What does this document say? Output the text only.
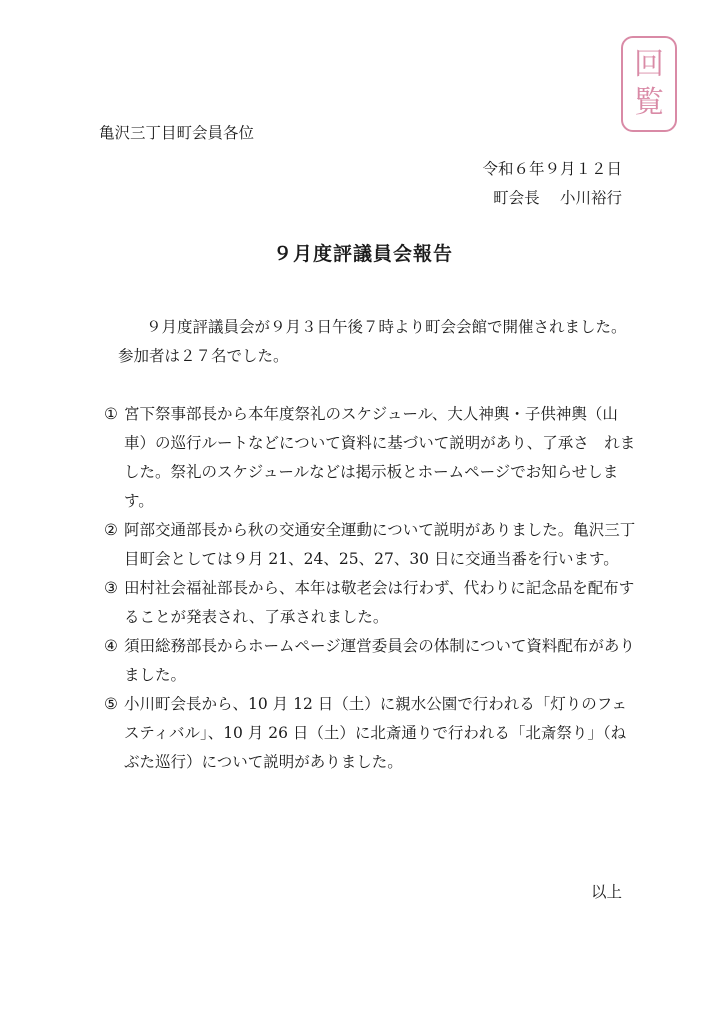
回
覧
亀沢三丁目町会員各位
令和６年９月１２日
町会長　 小川裕行
９月度評議員会報告
９月度評議員会が９月３日午後７時より町会会館で開催されました。参加者は２７名でした。
① 宮下祭事部長から本年度祭礼のスケジュール、大人神輿・子供神輿（山車）の巡行ルートなどについて資料に基づいて説明があり、了承さ　れました。祭礼のスケジュールなどは掲示板とホームページでお知らせします。
② 阿部交通部長から秋の交通安全運動について説明がありました。亀沢三丁目町会としては９月 21、24、25、27、30 日に交通当番を行います。
③ 田村社会福祉部長から、本年は敬老会は行わず、代わりに記念品を配布することが発表され、了承されました。
④ 須田総務部長からホームページ運営委員会の体制について資料配布がありました。
⑤ 小川町会長から、10 月 12 日（土）に親水公園で行われる「灯りのフェスティバル」、10 月 26 日（土）に北斎通りで行われる「北斎祭り」（ねぶた巡行）について説明がありました。
以上
